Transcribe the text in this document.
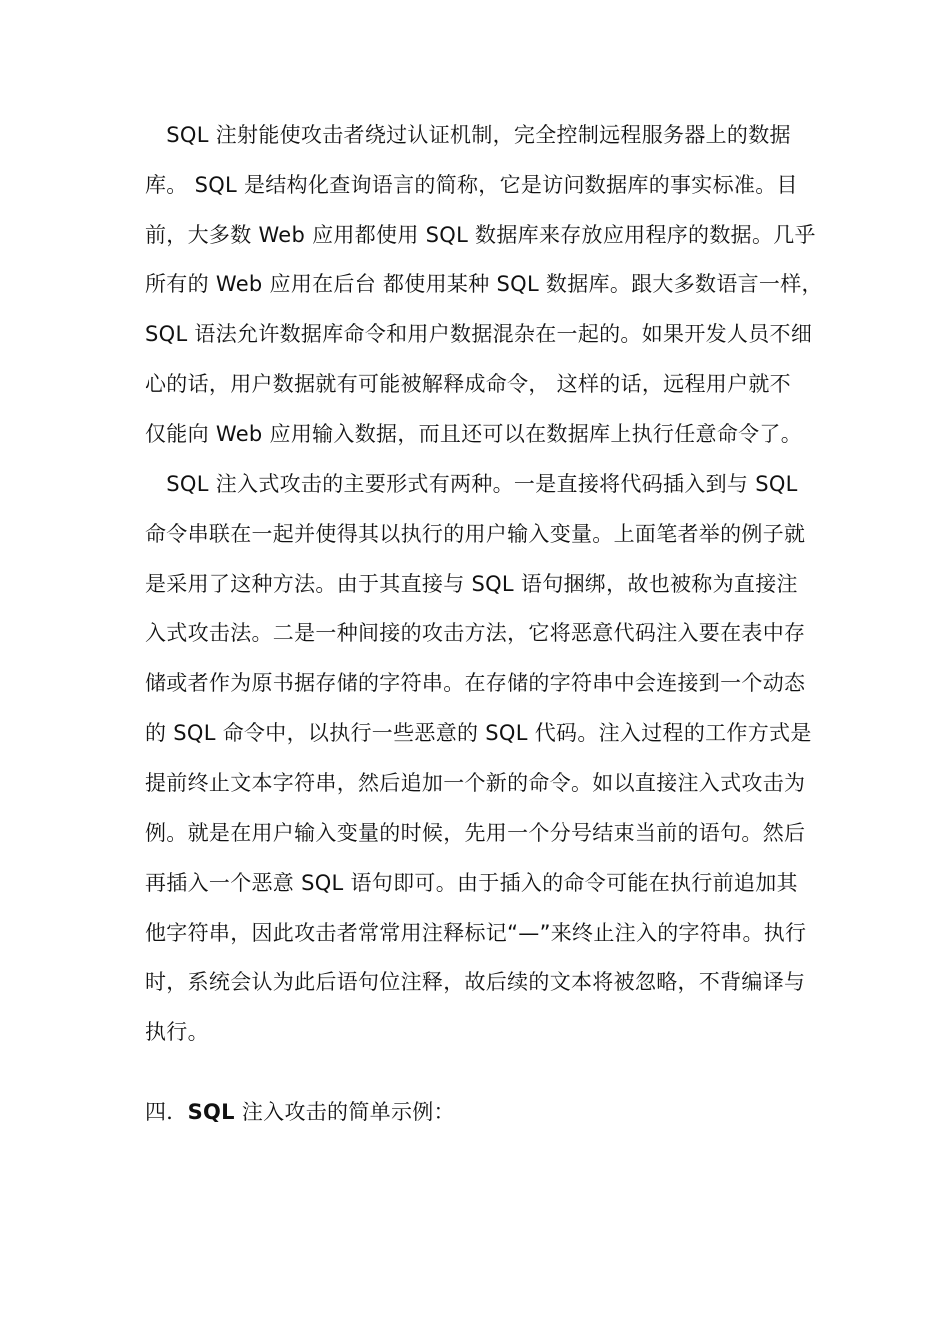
　SQL 注射能使攻击者绕过认证机制，完全控制远程服务器上的数据
库。 SQL 是结构化查询语言的简称，它是访问数据库的事实标准。目
前，大多数 Web 应用都使用 SQL 数据库来存放应用程序的数据。几乎
所有的 Web 应用在后台 都使用某种 SQL 数据库。跟大多数语言一样，
SQL 语法允许数据库命令和用户数据混杂在一起的。如果开发人员不细
心的话，用户数据就有可能被解释成命令， 这样的话，远程用户就不
仅能向 Web 应用输入数据，而且还可以在数据库上执行任意命令了。
　SQL 注入式攻击的主要形式有两种。一是直接将代码插入到与 SQL
命令串联在一起并使得其以执行的用户输入变量。上面笔者举的例子就
是采用了这种方法。由于其直接与 SQL 语句捆绑，故也被称为直接注
入式攻击法。二是一种间接的攻击方法，它将恶意代码注入要在表中存
储或者作为原书据存储的字符串。在存储的字符串中会连接到一个动态
的 SQL 命令中，以执行一些恶意的 SQL 代码。注入过程的工作方式是
提前终止文本字符串，然后追加一个新的命令。如以直接注入式攻击为
例。就是在用户输入变量的时候，先用一个分号结束当前的语句。然后
再插入一个恶意 SQL 语句即可。由于插入的命令可能在执行前追加其
他字符串，因此攻击者常常用注释标记“—”来终止注入的字符串。执行
时，系统会认为此后语句位注释，故后续的文本将被忽略，不背编译与
执行。
四．SQL 注入攻击的简单示例：
